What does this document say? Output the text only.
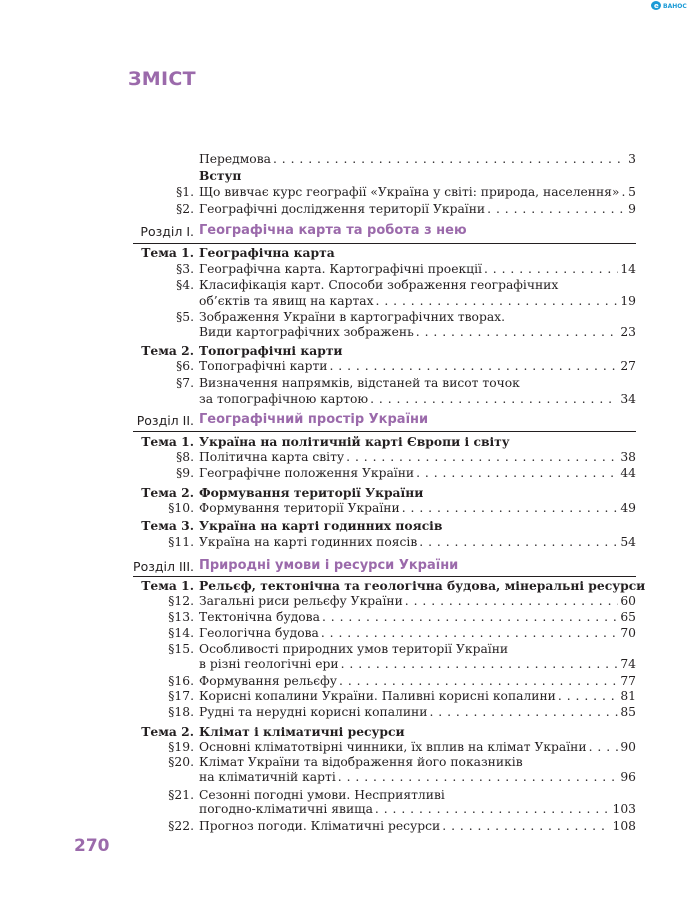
e ВАНОС
ЗМІСТ
Передмова . . .	3
Вступ
§1. Що вивчає курс географії «Україна у світі: природа, населення» . . . 5
§2. Географічні дослідження території України . . .	9
Розділ I. Географічна карта та робота з нею
Тема 1. Географічна карта
§3. Географічна карта. Картографічні проекції . . .	14
§4. Класифікація карт. Способи зображення географічних
об’єктів та явищ на картах . . .	19
§5. Зображення України в картографічних творах.
Види картографічних зображень . . .	23
Тема 2. Топографічні карти
§6. Топографічні карти . . .	27
§7. Визначення напрямків, відстаней та висот точок
за топографічною картою . . .	34
Розділ II. Географічний простір України
Тема 1. Україна на політичній карті Європи і світу
§8. Політична карта світу . . .	38
§9. Географічне положення України . . .	44
Тема 2. Формування території України
§10. Формування території України . . .	49
Тема 3. Україна на карті годинних поясів
§11. Україна на карті годинних поясів . . .	54
Розділ III. Природні умови і ресурси України
Тема 1. Рельєф, тектонічна та геологічна будова, мінеральні ресурси
§12. Загальні риси рельєфу України . . .	60
§13. Тектонічна будова . . .	65
§14. Геологічна будова . . .	70
§15. Особливості природних умов території України
в різні геологічні ери . . .	74
§16. Формування рельєфу . . .	77
§17. Корисні копалини України. Паливні корисні копалини . . .	81
§18. Рудні та нерудні корисні копалини . . .	85
Тема 2. Клімат і кліматичні ресурси
§19. Основні кліматотвірні чинники, їх вплив на клімат України . . .	90
§20. Клімат України та відображення його показників
на кліматичній карті . . .	96
§21. Сезонні погодні умови. Несприятливі
погодно-кліматичні явища . . .	103
§22. Прогноз погоди. Кліматичні ресурси . . .	108
270
